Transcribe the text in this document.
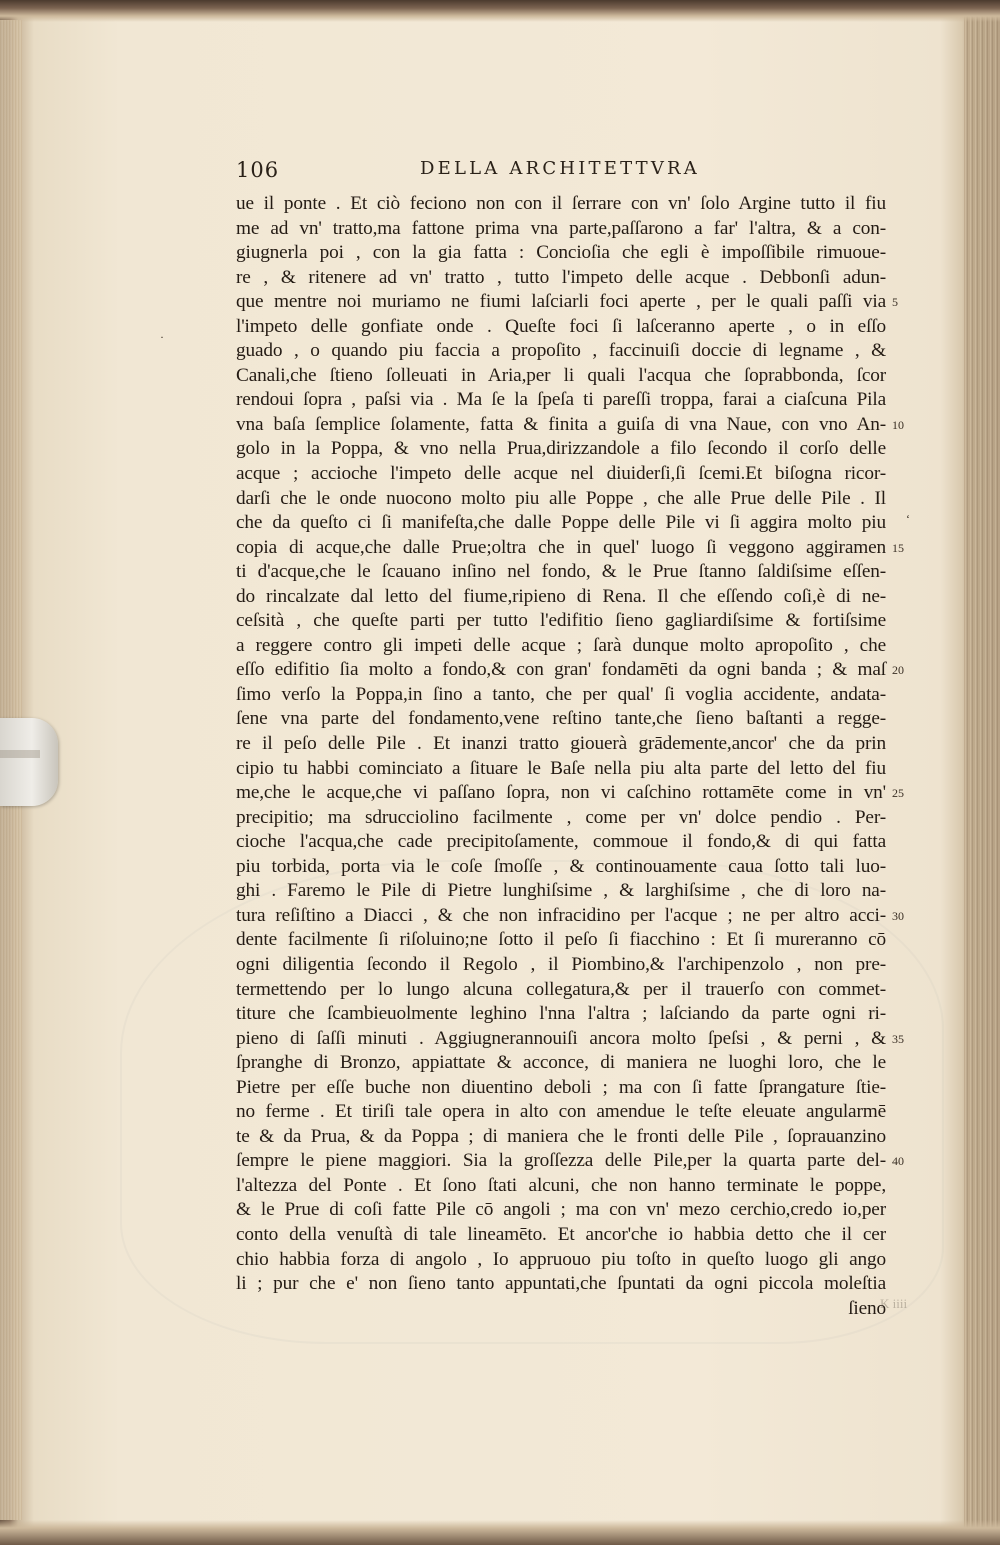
106	DELLA ARCHITETTVRA
ue il ponte . Et ciò feciono non con il ſerrare con vn' ſolo Argine tutto il fiu
me ad vn' tratto,ma fattone prima vna parte,paſſarono a far' l'altra, & a con-
giugnerla poi , con la gia fatta : Concioſia che egli è impoſſibile rimuoue-
re , & ritenere ad vn' tratto , tutto l'impeto delle acque . Debbonſi adun-
que mentre noi muriamo ne fiumi laſciarli foci aperte , per le quali paſſi via
l'impeto delle gonfiate onde . Queſte foci ſi laſceranno aperte , o in eſſo
guado , o quando piu faccia a propoſito , faccinuiſi doccie di legname , &
Canali,che ſtieno ſolleuati in Aria,per li quali l'acqua che ſoprabbonda, ſcor
rendoui ſopra , paſsi via . Ma ſe la ſpeſa ti pareſſi troppa, farai a ciaſcuna Pila
vna baſa ſemplice ſolamente, fatta & finita a guiſa di vna Naue, con vno An-
golo in la Poppa, & vno nella Prua,dirizzandole a filo ſecondo il corſo delle
acque ; accioche l'impeto delle acque nel diuiderſi,ſi ſcemi.Et biſogna ricor-
darſi che le onde nuocono molto piu alle Poppe , che alle Prue delle Pile . Il
che da queſto ci ſi manifeſta,che dalle Poppe delle Pile vi ſi aggira molto piu
copia di acque,che dalle Prue;oltra che in quel' luogo ſi veggono aggiramen
ti d'acque,che le ſcauano inſino nel fondo, & le Prue ſtanno ſaldiſsime eſſen-
do rincalzate dal letto del fiume,ripieno di Rena. Il che eſſendo coſi,è di ne-
ceſsità , che queſte parti per tutto l'edifitio ſieno gagliardiſsime & fortiſsime
a reggere contro gli impeti delle acque ; ſarà dunque molto apropoſito , che
eſſo edifitio ſia molto a fondo,& con gran' fondamēti da ogni banda ; & maſ
ſimo verſo la Poppa,in ſino a tanto, che per qual' ſi voglia accidente, andata-
ſene vna parte del fondamento,vene reſtino tante,che ſieno baſtanti a regge-
re il peſo delle Pile . Et inanzi tratto giouerà grādemente,ancor' che da prin
cipio tu habbi cominciato a ſituare le Baſe nella piu alta parte del letto del fiu
me,che le acque,che vi paſſano ſopra, non vi caſchino rottamēte come in vn'
precipitio; ma sdrucciolino facilmente , come per vn' dolce pendio . Per-
cioche l'acqua,che cade precipitoſamente, commoue il fondo,& di qui fatta
piu torbida, porta via le coſe ſmoſſe , & continouamente caua ſotto tali luo-
ghi . Faremo le Pile di Pietre lunghiſsime , & larghiſsime , che di loro na-
tura reſiſtino a Diacci , & che non infracidino per l'acque ; ne per altro acci-
dente facilmente ſi riſoluino;ne ſotto il peſo ſi fiacchino : Et ſi mureranno cō
ogni diligentia ſecondo il Regolo , il Piombino,& l'archipenzolo , non pre-
termettendo per lo lungo alcuna collegatura,& per il trauerſo con commet-
titure che ſcambieuolmente leghino l'nna l'altra ; laſciando da parte ogni ri-
pieno di ſaſſi minuti . Aggiugnerannouiſi ancora molto ſpeſsi , & perni , &
ſpranghe di Bronzo, appiattate & acconce, di maniera ne luoghi loro, che le
Pietre per eſſe buche non diuentino deboli ; ma con ſi fatte ſprangature ſtie-
no ferme . Et tiriſi tale opera in alto con amendue le teſte eleuate angularmē
te & da Prua, & da Poppa ; di maniera che le fronti delle Pile , ſoprauanzino
ſempre le piene maggiori. Sia la groſſezza delle Pile,per la quarta parte del-
l'altezza del Ponte . Et ſono ſtati alcuni, che non hanno terminate le poppe,
& le Prue di coſi fatte Pile cō angoli ; ma con vn' mezo cerchio,credo io,per
conto della venuſtà di tale lineamēto. Et ancor'che io habbia detto che il cer
chio habbia forza di angolo , Io appruouo piu toſto in queſto luogo gli ango
li ; pur che e' non ſieno tanto appuntati,che ſpuntati da ogni piccola moleſtia
ſieno
5
10
15
20
25
30
35
40
‘
·
K iiii
